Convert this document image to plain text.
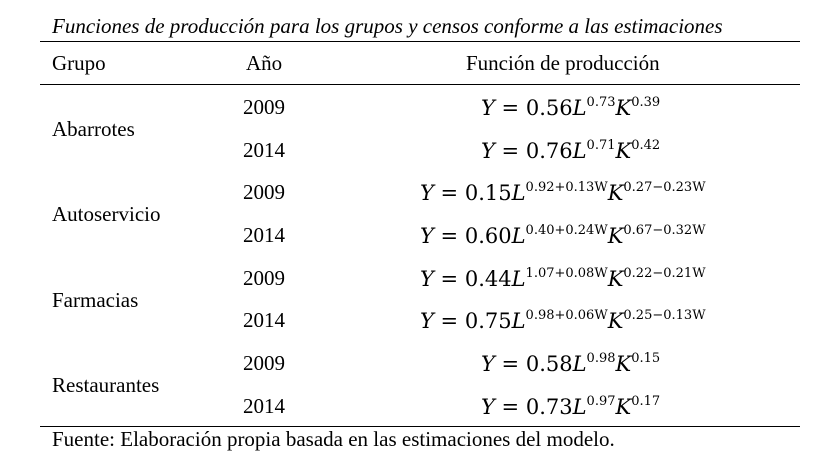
Funciones de producción para los grupos y censos conforme a las estimaciones
Grupo	Año	Función de producción
Abarrotes
2009	$Y = 0.56L^{0.73}K^{0.39}$
2014	$Y = 0.76L^{0.71}K^{0.42}$
Autoservicio
2009	$Y = 0.15L^{0.92+0.13W}K^{0.27-0.23W}$
2014	$Y = 0.60L^{0.40+0.24W}K^{0.67-0.32W}$
Farmacias
2009	$Y = 0.44L^{1.07+0.08W}K^{0.22-0.21W}$
2014	$Y = 0.75L^{0.98+0.06W}K^{0.25-0.13W}$
Restaurantes
2009	$Y = 0.58L^{0.98}K^{0.15}$
2014	$Y = 0.73L^{0.97}K^{0.17}$
Fuente: Elaboración propia basada en las estimaciones del modelo.
